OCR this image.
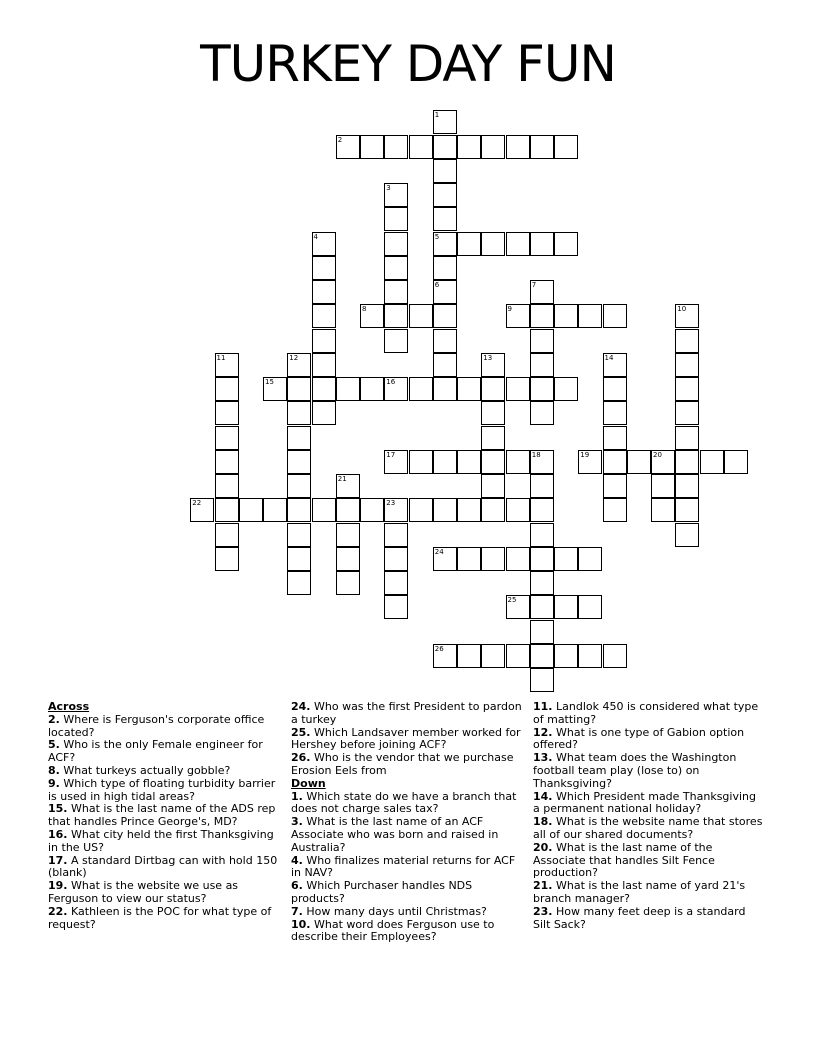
TURKEY DAY FUN
1
5
6
2
3
4
7
8	9	10
11	12	13	14
15	16
17	18	19	20
21
22	23
24
25
26
Across
2. Where is Ferguson's corporate office located?
5. Who is the only Female engineer for ACF?
8. What turkeys actually gobble?
9. Which type of floating turbidity barrier is used in high tidal areas?
15. What is the last name of the ADS rep that handles Prince George's, MD?
16. What city held the first Thanksgiving in the US?
17. A standard Dirtbag can with hold 150 (blank)
19. What is the website we use as Ferguson to view our status?
22. Kathleen is the POC for what type of request?
24. Who was the first President to pardon a turkey
25. Which Landsaver member worked for Hershey before joining ACF?
26. Who is the vendor that we purchase Erosion Eels from
Down
1. Which state do we have a branch that does not charge sales tax?
3. What is the last name of an ACF Associate who was born and raised in Australia?
4. Who finalizes material returns for ACF in NAV?
6. Which Purchaser handles NDS products?
7. How many days until Christmas?
10. What word does Ferguson use to describe their Employees?
11. Landlok 450 is considered what type of matting?
12. What is one type of Gabion option offered?
13. What team does the Washington football team play (lose to) on Thanksgiving?
14. Which President made Thanksgiving a permanent national holiday?
18. What is the website name that stores all of our shared documents?
20. What is the last name of the Associate that handles Silt Fence production?
21. What is the last name of yard 21's branch manager?
23. How many feet deep is a standard Silt Sack?
